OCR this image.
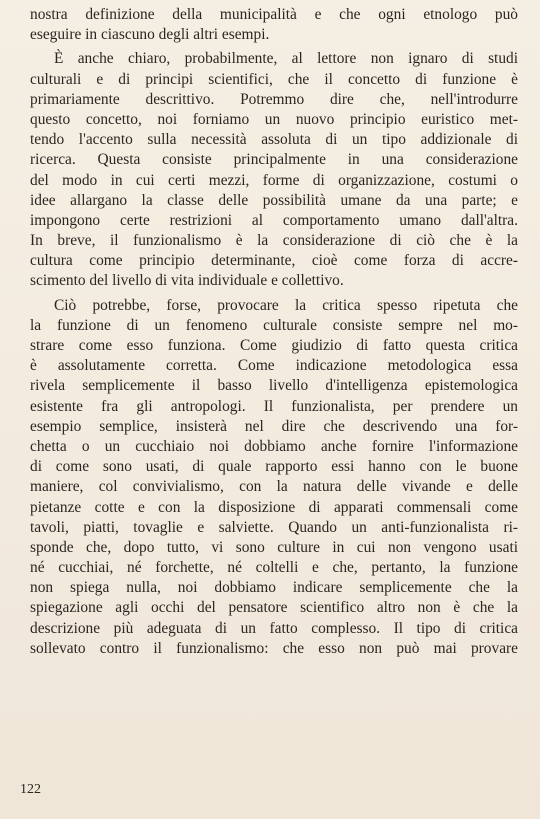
nostra definizione della municipalità e che ogni etnologo può
eseguire in ciascuno degli altri esempi.
È anche chiaro, probabilmente, al lettore non ignaro di studi
culturali e di principi scientifici, che il concetto di funzione è
primariamente descrittivo. Potremmo dire che, nell'introdurre
questo concetto, noi forniamo un nuovo principio euristico met-
tendo l'accento sulla necessità assoluta di un tipo addizionale di
ricerca. Questa consiste principalmente in una considerazione
del modo in cui certi mezzi, forme di organizzazione, costumi o
idee allargano la classe delle possibilità umane da una parte; e
impongono certe restrizioni al comportamento umano dall'altra.
In breve, il funzionalismo è la considerazione di ciò che è la
cultura come principio determinante, cioè come forza di accre-
scimento del livello di vita individuale e collettivo.
Ciò potrebbe, forse, provocare la critica spesso ripetuta che
la funzione di un fenomeno culturale consiste sempre nel mo-
strare come esso funziona. Come giudizio di fatto questa critica
è assolutamente corretta. Come indicazione metodologica essa
rivela semplicemente il basso livello d'intelligenza epistemologica
esistente fra gli antropologi. Il funzionalista, per prendere un
esempio semplice, insisterà nel dire che descrivendo una for-
chetta o un cucchiaio noi dobbiamo anche fornire l'informazione
di come sono usati, di quale rapporto essi hanno con le buone
maniere, col convivialismo, con la natura delle vivande e delle
pietanze cotte e con la disposizione di apparati commensali come
tavoli, piatti, tovaglie e salviette. Quando un anti-funzionalista ri-
sponde che, dopo tutto, vi sono culture in cui non vengono usati
né cucchiai, né forchette, né coltelli e che, pertanto, la funzione
non spiega nulla, noi dobbiamo indicare semplicemente che la
spiegazione agli occhi del pensatore scientifico altro non è che la
descrizione più adeguata di un fatto complesso. Il tipo di critica
sollevato contro il funzionalismo: che esso non può mai provare
122
